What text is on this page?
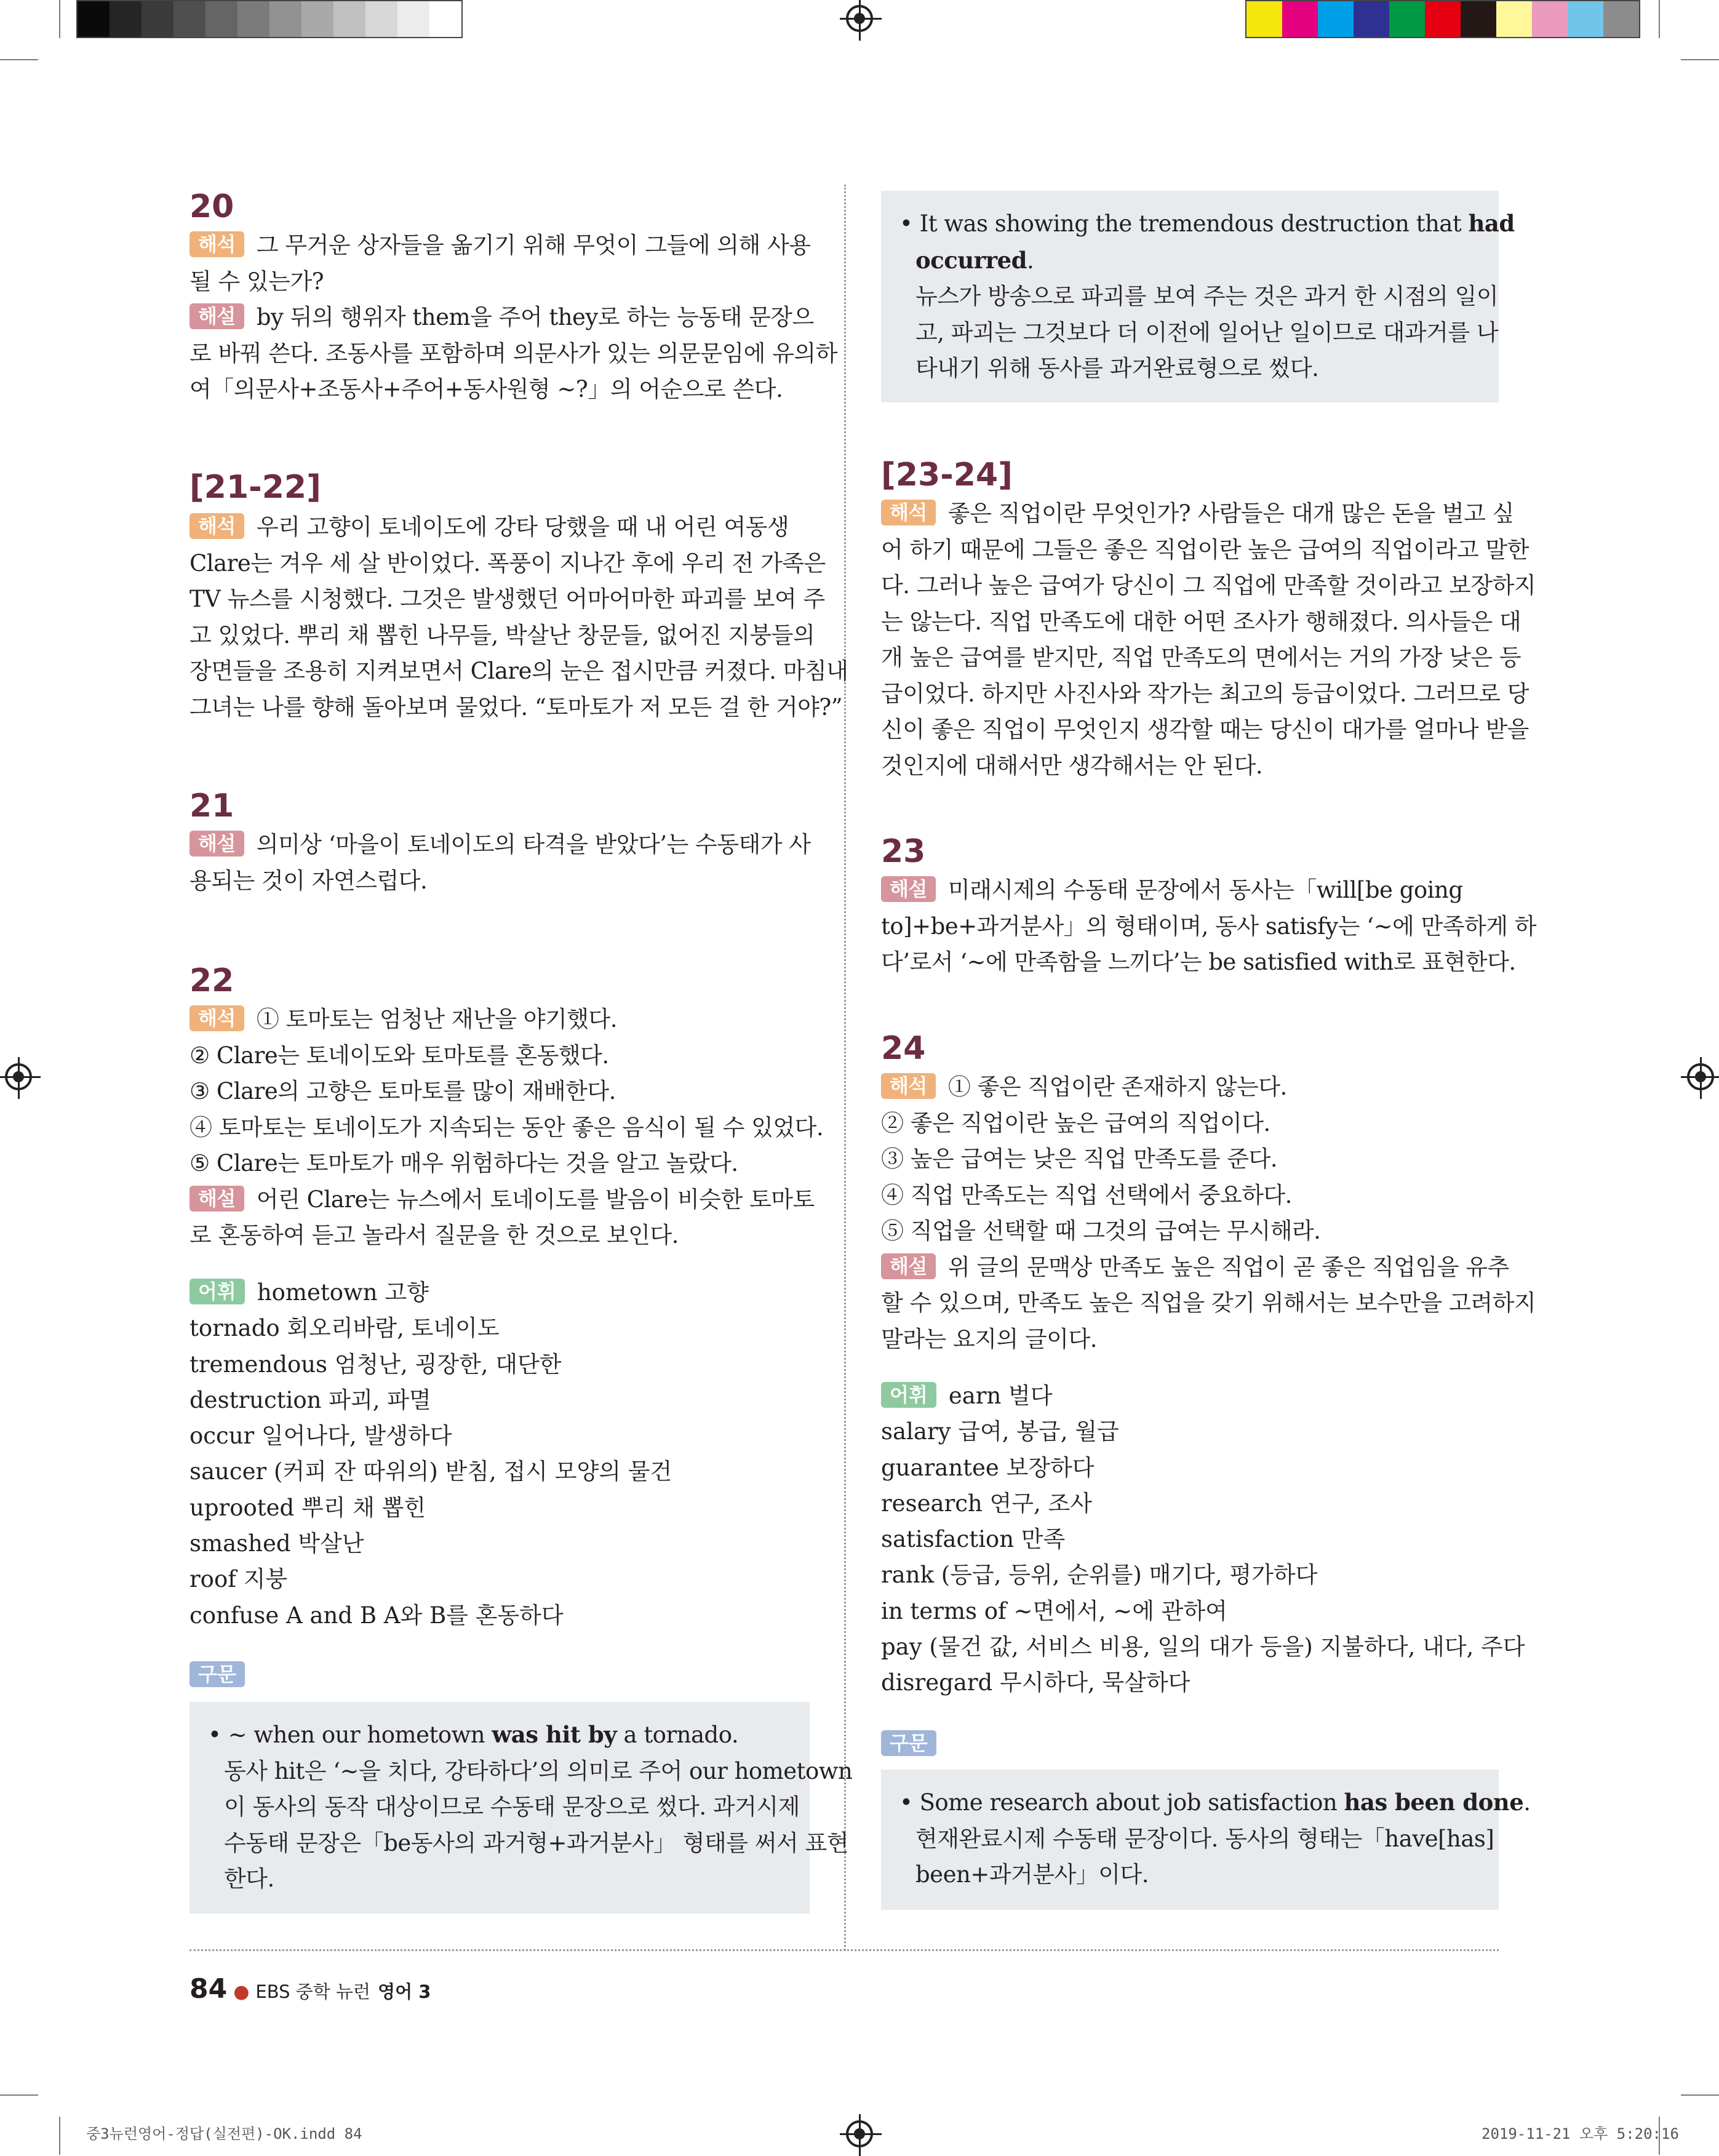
20
해석 그 무거운 상자들을 옮기기 위해 무엇이 그들에 의해 사용
될 수 있는가?
해설 by 뒤의 행위자 them을 주어 they로 하는 능동태 문장으
로 바꿔 쓴다. 조동사를 포함하며 의문사가 있는 의문문임에 유의하
여「의문사+조동사+주어+동사원형 ~?」의 어순으로 쓴다.
[21-22]
해석 우리 고향이 토네이도에 강타 당했을 때 내 어린 여동생
Clare는 겨우 세 살 반이었다. 폭풍이 지나간 후에 우리 전 가족은
TV 뉴스를 시청했다. 그것은 발생했던 어마어마한 파괴를 보여 주
고 있었다. 뿌리 채 뽑힌 나무들, 박살난 창문들, 없어진 지붕들의
장면들을 조용히 지켜보면서 Clare의 눈은 접시만큼 커졌다. 마침내
그녀는 나를 향해 돌아보며 물었다. “토마토가 저 모든 걸 한 거야?”
21
해설 의미상 ‘마을이 토네이도의 타격을 받았다’는 수동태가 사
용되는 것이 자연스럽다.
22
해석 ① 토마토는 엄청난 재난을 야기했다.
② Clare는 토네이도와 토마토를 혼동했다.
③ Clare의 고향은 토마토를 많이 재배한다.
④ 토마토는 토네이도가 지속되는 동안 좋은 음식이 될 수 있었다.
⑤ Clare는 토마토가 매우 위험하다는 것을 알고 놀랐다.
해설 어린 Clare는 뉴스에서 토네이도를 발음이 비슷한 토마토
로 혼동하여 듣고 놀라서 질문을 한 것으로 보인다.
어휘 hometown 고향
tornado 회오리바람, 토네이도
tremendous 엄청난, 굉장한, 대단한
destruction 파괴, 파멸
occur 일어나다, 발생하다
saucer (커피 잔 따위의) 받침, 접시 모양의 물건
uprooted 뿌리 채 뽑힌
smashed 박살난
roof 지붕
confuse A and B A와 B를 혼동하다
구문
• ~ when our hometown was hit by a tornado.
동사 hit은 ‘~을 치다, 강타하다’의 의미로 주어 our hometown
이 동사의 동작 대상이므로 수동태 문장으로 썼다. 과거시제
수동태 문장은「be동사의 과거형+과거분사」 형태를 써서 표현
한다.
• It was showing the tremendous destruction that had
occurred.
뉴스가 방송으로 파괴를 보여 주는 것은 과거 한 시점의 일이
고, 파괴는 그것보다 더 이전에 일어난 일이므로 대과거를 나
타내기 위해 동사를 과거완료형으로 썼다.
[23-24]
해석 좋은 직업이란 무엇인가? 사람들은 대개 많은 돈을 벌고 싶
어 하기 때문에 그들은 좋은 직업이란 높은 급여의 직업이라고 말한
다. 그러나 높은 급여가 당신이 그 직업에 만족할 것이라고 보장하지
는 않는다. 직업 만족도에 대한 어떤 조사가 행해졌다. 의사들은 대
개 높은 급여를 받지만, 직업 만족도의 면에서는 거의 가장 낮은 등
급이었다. 하지만 사진사와 작가는 최고의 등급이었다. 그러므로 당
신이 좋은 직업이 무엇인지 생각할 때는 당신이 대가를 얼마나 받을
것인지에 대해서만 생각해서는 안 된다.
23
해설 미래시제의 수동태 문장에서 동사는「will[be going
to]+be+과거분사」의 형태이며, 동사 satisfy는 ‘~에 만족하게 하
다’로서 ‘~에 만족함을 느끼다’는 be satisfied with로 표현한다.
24
해석 ① 좋은 직업이란 존재하지 않는다.
② 좋은 직업이란 높은 급여의 직업이다.
③ 높은 급여는 낮은 직업 만족도를 준다.
④ 직업 만족도는 직업 선택에서 중요하다.
⑤ 직업을 선택할 때 그것의 급여는 무시해라.
해설 위 글의 문맥상 만족도 높은 직업이 곧 좋은 직업임을 유추
할 수 있으며, 만족도 높은 직업을 갖기 위해서는 보수만을 고려하지
말라는 요지의 글이다.
어휘 earn 벌다
salary 급여, 봉급, 월급
guarantee 보장하다
research 연구, 조사
satisfaction 만족
rank (등급, 등위, 순위를) 매기다, 평가하다
in terms of ~면에서, ~에 관하여
pay (물건 값, 서비스 비용, 일의 대가 등을) 지불하다, 내다, 주다
disregard 무시하다, 묵살하다
구문
• Some research about job satisfaction has been done.
현재완료시제 수동태 문장이다. 동사의 형태는「have[has]
been+과거분사」이다.
84 ● EBS 중학 뉴런 영어 3
중3뉴런영어-정답(실전편)-OK.indd 84	2019-11-21 오후 5:20:16
